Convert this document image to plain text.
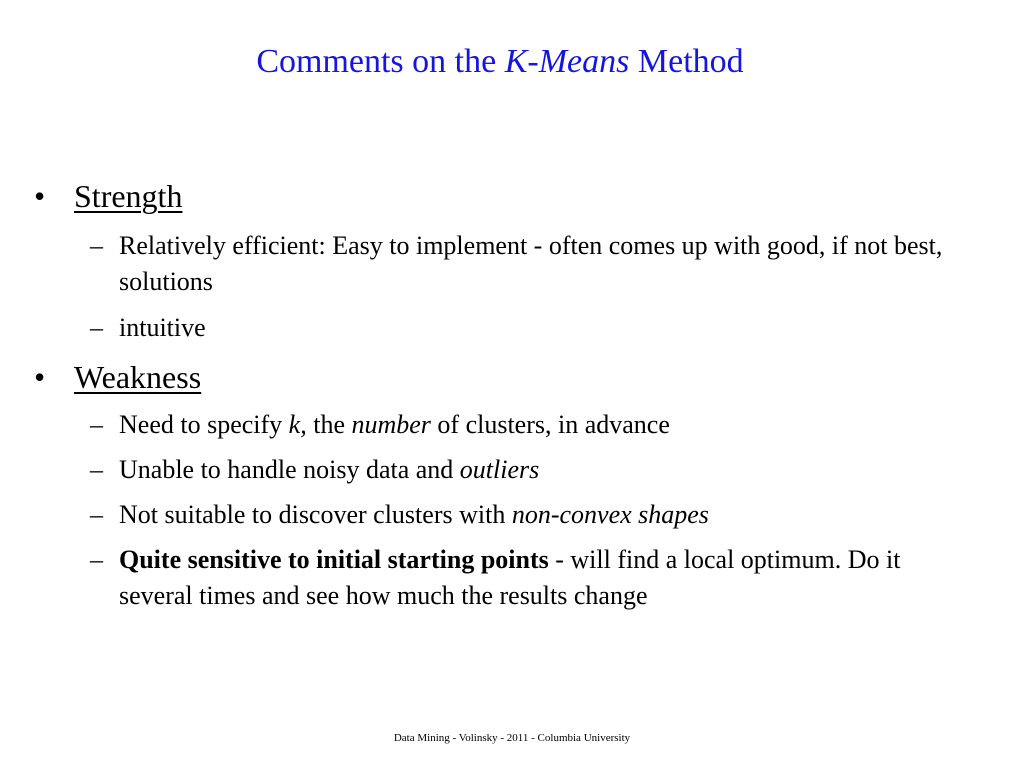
Comments on the K-Means Method
• Strength
– Relatively efficient: Easy to implement - often comes up with good, if not best, solutions
– intuitive
• Weakness
– Need to specify k, the number of clusters, in advance
– Unable to handle noisy data and outliers
– Not suitable to discover clusters with non-convex shapes
– Quite sensitive to initial starting points - will find a local optimum. Do it several times and see how much the results change
Data Mining - Volinsky - 2011 - Columbia University
